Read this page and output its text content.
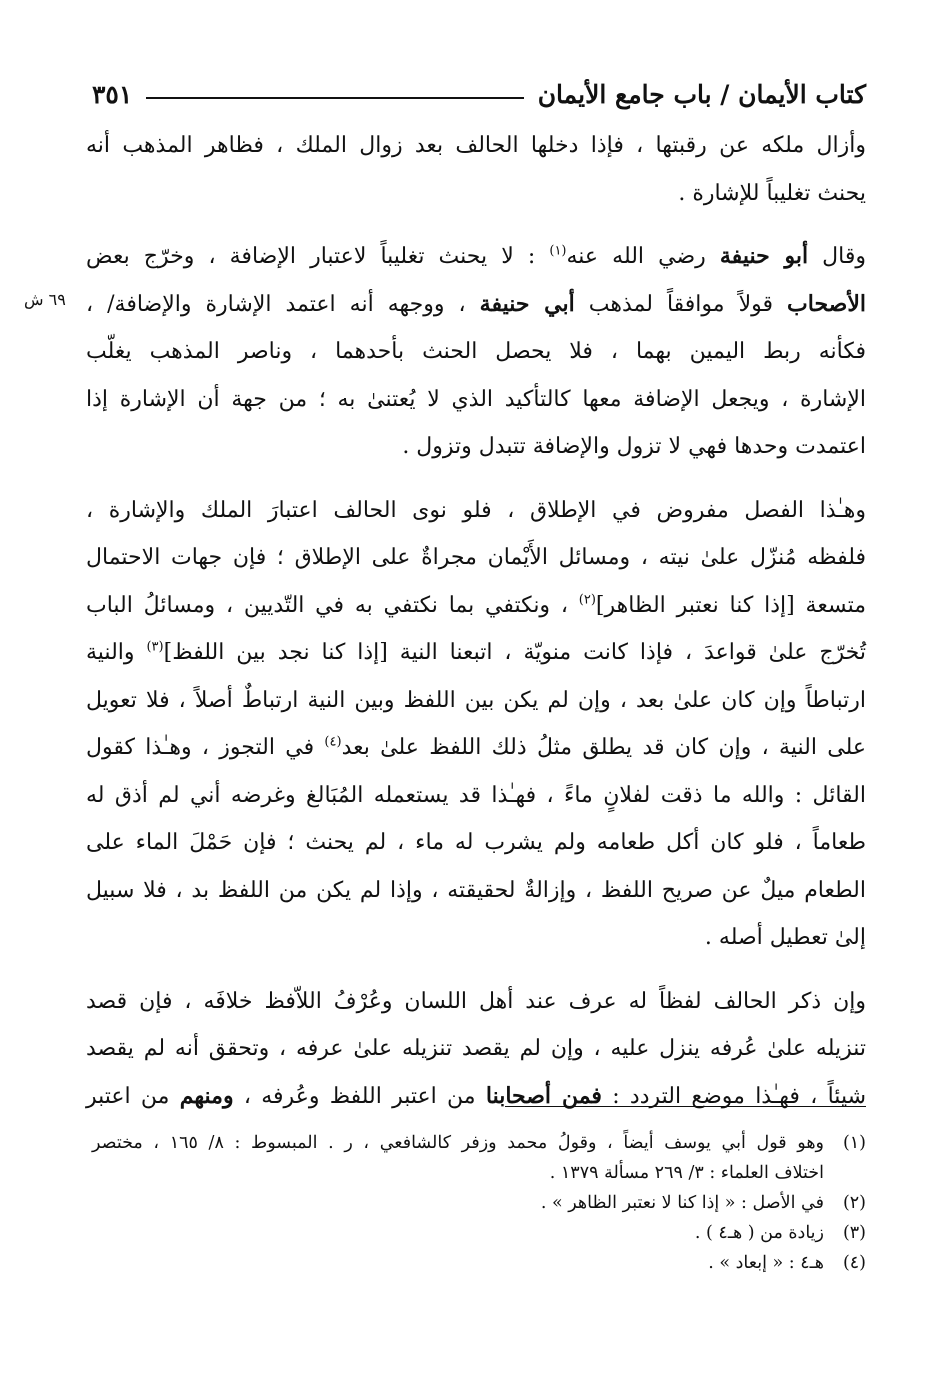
كتاب الأيمان / باب جامع الأيمان
٣٥١
٦٩ ش

وأزال ملكه عن رقبتها ، فإذا دخلها الحالف بعد زوال الملك ، فظاهر المذهب أنه
يحنث تغليباً للإشارة .

وقال أبو حنيفة رضي الله عنه$^{(١)}$ : لا يحنث تغليباً لاعتبار الإضافة ، وخرّج بعض
الأصحاب قولاً موافقاً لمذهب أبي حنيفة ، ووجهه أنه اعتمد الإشارة والإضافة/ ،
فكأنه ربط اليمين بهما ، فلا يحصل الحنث بأحدهما ، وناصر المذهب يغلّب
الإشارة ، ويجعل الإضافة معها كالتأكيد الذي لا يُعتنىٰ به ؛ من جهة أن الإشارة إذا
اعتمدت وحدها فهي لا تزول والإضافة تتبدل وتزول .

وهـٰذا الفصل مفروض في الإطلاق ، فلو نوى الحالف اعتبارَ الملك والإشارة ،
فلفظه مُنزّل علىٰ نيته ، ومسائل الأَيْمان مجراةٌ على الإطلاق ؛ فإن جهات الاحتمال
متسعة [إذا كنا نعتبر الظاهر]$^{(٢)}$ ، ونكتفي بما نكتفي به في التّديين ، ومسائلُ الباب
تُخرّج علىٰ قواعدَ ، فإذا كانت منويّة ، اتبعنا النية [إذا كنا نجد بين اللفظ]$^{(٣)}$ والنية
ارتباطاً وإن كان علىٰ بعد ، وإن لم يكن بين اللفظ وبين النية ارتباطٌ أصلاً ، فلا تعويل
على النية ، وإن كان قد يطلق مثلُ ذلك اللفظ علىٰ بعد$^{(٤)}$ في التجوز ، وهـٰذا كقول
القائل : والله ما ذقت لفلانٍ ماءً ، فهـٰذا قد يستعمله المُبَالغ وغرضه أني لم أذق له
طعاماً ، فلو كان أكل طعامه ولم يشرب له ماء ، لم يحنث ؛ فإن حَمْلَ الماء على
الطعام ميلٌ عن صريح اللفظ ، وإزالةٌ لحقيقته ، وإذا لم يكن من اللفظ بد ، فلا سبيل
إلىٰ تعطيل أصله .

وإن ذكر الحالف لفظاً له عرف عند أهل اللسان وعُرْفُ اللاّفظ خلافَه ، فإن قصد
تنزيله علىٰ عُرفه ينزل عليه ، وإن لم يقصد تنزيله علىٰ عرفه ، وتحقق أنه لم يقصد
شيئاً ، فهـٰذا موضع التردد : فمن أصحابنا من اعتبر اللفظ وعُرفه ، ومنهم من اعتبر

(١)
وهو قول أبي يوسف أيضاً ، وقولُ محمد وزفر كالشافعي ، ر . المبسوط : ٨/ ١٦٥ ، مختصر
اختلاف العلماء : ٣/ ٢٦٩ مسألة ١٣٧٩ .
(٢)
في الأصل : « إذا كنا لا نعتبر الظاهر » .
(٣)
زيادة من ( هـ٤ ) .
(٤)
هـ٤ : « إبعاد » .
